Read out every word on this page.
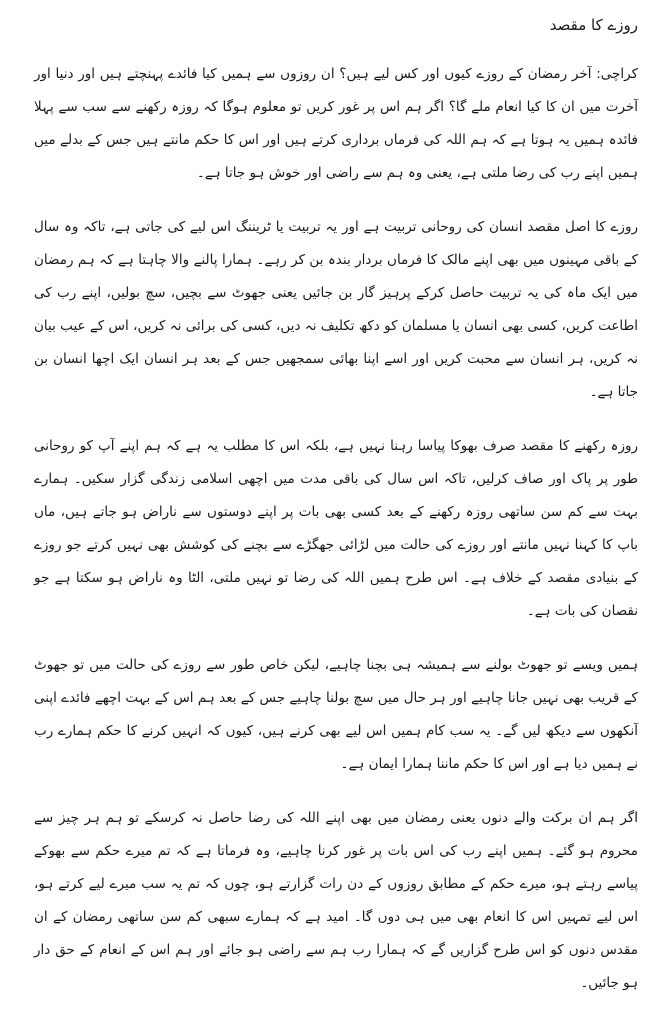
روزے کا مقصد

کراچی: آخر رمضان کے روزے کیوں اور کس لیے ہیں؟ ان روزوں سے ہمیں کیا فائدے پہنچتے ہیں اور دنیا اور آخرت میں ان کا کیا انعام ملے گا؟ اگر ہم اس پر غور کریں تو معلوم ہوگا کہ روزہ رکھنے سے سب سے پہلا فائدہ ہمیں یہ ہوتا ہے کہ ہم اللہ کی فرماں برداری کرتے ہیں اور اس کا حکم مانتے ہیں جس کے بدلے میں ہمیں اپنے رب کی رضا ملتی ہے، یعنی وہ ہم سے راضی اور خوش ہو جاتا ہے۔

روزے کا اصل مقصد انسان کی روحانی تربیت ہے اور یہ تربیت یا ٹریننگ اس لیے کی جاتی ہے، تاکہ وہ سال کے باقی مہینوں میں بھی اپنے مالک کا فرماں بردار بندہ بن کر رہے۔ ہمارا پالنے والا چاہتا ہے کہ ہم رمضان میں ایک ماہ کی یہ تربیت حاصل کرکے پرہیز گار بن جائیں یعنی جھوٹ سے بچیں، سچ بولیں، اپنے رب کی اطاعت کریں، کسی بھی انسان یا مسلمان کو دکھ تکلیف نہ دیں، کسی کی برائی نہ کریں، اس کے عیب بیان نہ کریں، ہر انسان سے محبت کریں اور اسے اپنا بھائی سمجھیں جس کے بعد ہر انسان ایک اچھا انسان بن جاتا ہے۔

روزہ رکھنے کا مقصد صرف بھوکا پیاسا رہنا نہیں ہے، بلکہ اس کا مطلب یہ ہے کہ ہم اپنے آپ کو روحانی طور پر پاک اور صاف کرلیں، تاکہ اس سال کی باقی مدت میں اچھی اسلامی زندگی گزار سکیں۔ ہمارے بہت سے کم سن ساتھی روزہ رکھنے کے بعد کسی بھی بات پر اپنے دوستوں سے ناراض ہو جاتے ہیں، ماں باپ کا کہنا نہیں مانتے اور روزے کی حالت میں لڑائی جھگڑے سے بچنے کی کوشش بھی نہیں کرتے جو روزے کے بنیادی مقصد کے خلاف ہے۔ اس طرح ہمیں اللہ کی رضا تو نہیں ملتی، الٹا وہ ناراض ہو سکتا ہے جو نقصان کی بات ہے۔

ہمیں ویسے تو جھوٹ بولنے سے ہمیشہ ہی بچنا چاہیے، لیکن خاص طور سے روزے کی حالت میں تو جھوٹ کے قریب بھی نہیں جانا چاہیے اور ہر حال میں سچ بولنا چاہیے جس کے بعد ہم اس کے بہت اچھے فائدے اپنی آنکھوں سے دیکھ لیں گے۔ یہ سب کام ہمیں اس لیے بھی کرنے ہیں، کیوں کہ انہیں کرنے کا حکم ہمارے رب نے ہمیں دیا ہے اور اس کا حکم ماننا ہمارا ایمان ہے۔

اگر ہم ان برکت والے دنوں یعنی رمضان میں بھی اپنے اللہ کی رضا حاصل نہ کرسکے تو ہم ہر چیز سے محروم ہو گئے۔ ہمیں اپنے رب کی اس بات پر غور کرنا چاہیے، وہ فرماتا ہے کہ تم میرے حکم سے بھوکے پیاسے رہتے ہو، میرے حکم کے مطابق روزوں کے دن رات گزارتے ہو، چوں کہ تم یہ سب میرے لیے کرتے ہو، اس لیے تمہیں اس کا انعام بھی میں ہی دوں گا۔ امید ہے کہ ہمارے سبھی کم سن ساتھی رمضان کے ان مقدس دنوں کو اس طرح گزاریں گے کہ ہمارا رب ہم سے راضی ہو جائے اور ہم اس کے انعام کے حق دار ہو جائیں۔
